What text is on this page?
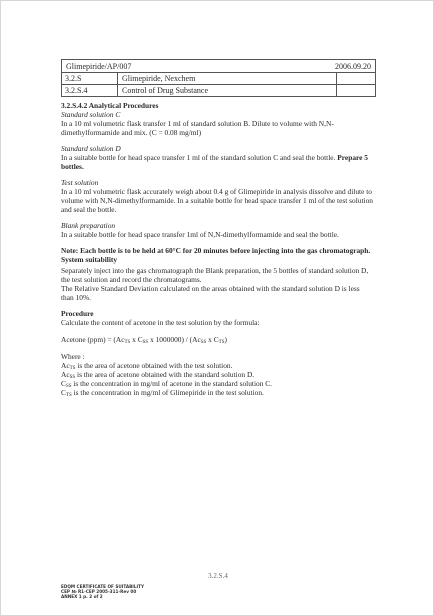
Glimepiride/AP/007	2006.09.20
3.2.S	Glimepiride, Nexchem
3.2.S.4	Control of Drug Substance

3.2.S.4.2 Analytical Procedures

Standard solution C

In a 10 ml volumetric flask transfer 1 ml of standard solution B. Dilute to volume with N,N-dimethylformamide and mix. (C = 0.08 mg/ml)

Standard solution D

In a suitable bottle for head space transfer 1 ml of the standard solution C and seal the bottle. Prepare 5 bottles.

Test solution

In a 10 ml volumetric flask accurately weigh about 0.4 g of Glimepiride in analysis dissolve and dilute to volume with N,N-dimethylformamide. In a suitable bottle for head space transfer 1 ml of the test solution and seal the bottle.

Blank preparation

In a suitable bottle for head space transfer 1ml of N,N-dimethylformamide and seal the bottle.

Note: Each bottle is to be held at 60°C for 20 minutes before injecting into the gas chromatograph.

System suitability

Separately inject into the gas chromatograph the Blank preparation, the 5 bottles of standard solution D, the test solution and record the chromatograms.

The Relative Standard Deviation calculated on the areas obtained with the standard solution D is less than 10%.

Procedure

Calculate the content of acetone in the test solution by the formula:

Acetone $(ppm) = (Ac_{TS}$ x $C_{SS}$ x $1000000) / (Ac_{SS}$ x $C_{TS}$)

Where :

$Ac_{TS}$ is the area of acetone obtained with the test solution.

$Ac_{SS}$ is the area of acetone obtained with the standard solution D.

$C_{SS}$ is the concentration in mg/ml of acetone in the standard solution C.

$C_{TS}$ is the concentration in mg/ml of Glimepiride in the test solution.

3.2.S.4
EDQM CERTIFICATE OF SUITABILITY
CEP № R1-CEP 2005-311-Rev 00
ANNEX 1 p. 2 of 2
